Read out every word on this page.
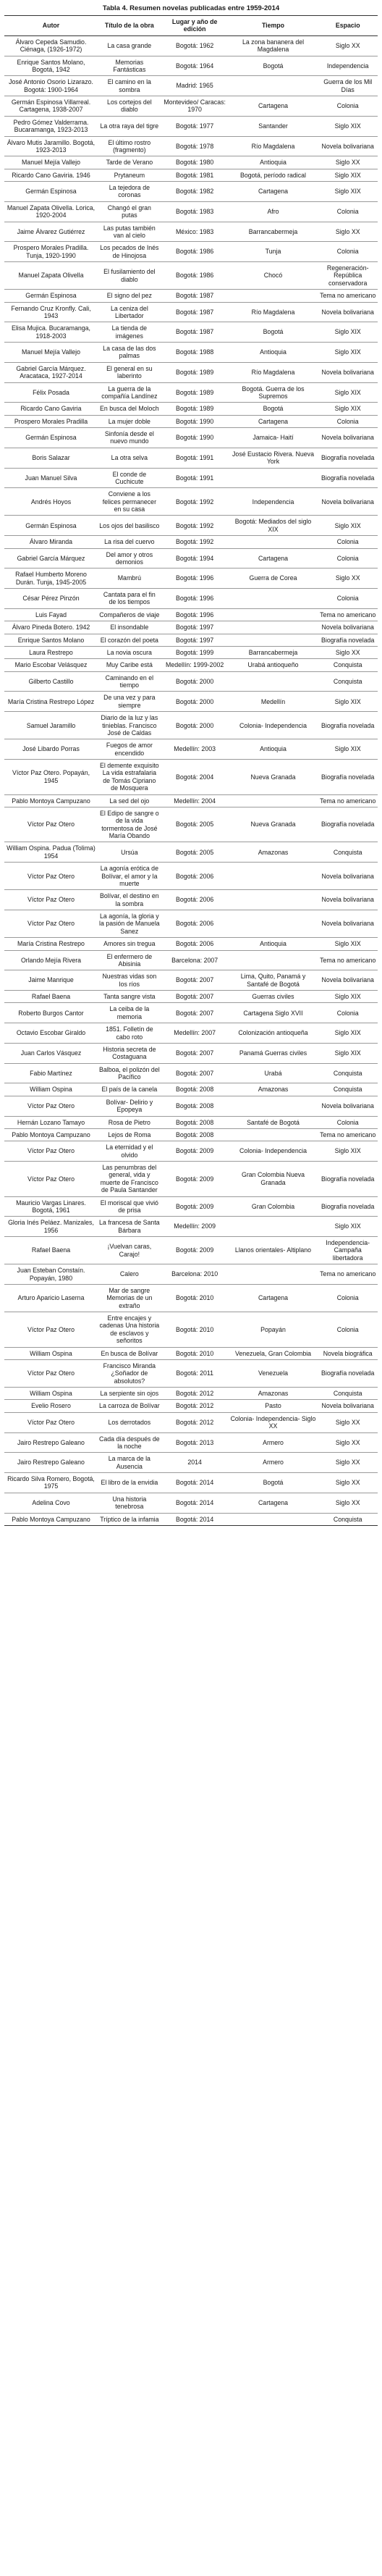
Tabla 4. Resumen novelas publicadas entre 1959-2014
Autor	Título de la obra	Lugar y año de edición	Tiempo	Espacio
Álvaro Cepeda Samudio. Ciénaga, (1926-1972)	La casa grande	Bogotá: 1962	La zona bananera del Magdalena	Siglo XX
Enrique Santos Molano, Bogotá, 1942	Memorias Fantásticas	Bogotá: 1964	Bogotá	Independencia
José Antonio Osorio Lizarazo. Bogotá: 1900-1964	El camino en la sombra	Madrid: 1965		Guerra de los Mil Días
Germán Espinosa Villarreal. Cartagena, 1938-2007	Los cortejos del diablo	Montevideo/ Caracas: 1970	Cartagena	Colonia
Pedro Gómez Valderrama. Bucaramanga, 1923-2013	La otra raya del tigre	Bogotá: 1977	Santander	Siglo XIX
Álvaro Mutis Jaramillo. Bogotá, 1923-2013	El último rostro (fragmento)	Bogotá: 1978	Río Magdalena	Novela bolivariana
Manuel Mejía Vallejo	Tarde de Verano	Bogotá: 1980	Antioquia	Siglo XX
Ricardo Cano Gaviria. 1946	Prytaneum	Bogotá: 1981	Bogotá, período radical	Siglo XIX
Germán Espinosa	La tejedora de coronas	Bogotá: 1982	Cartagena	Siglo XIX
Manuel Zapata Olivella. Lorica, 1920-2004	Changó el gran putas	Bogotá: 1983	Afro	Colonia
Jaime Álvarez Gutiérrez	Las putas también van al cielo	México: 1983	Barrancabermeja	Siglo XX
Prospero Morales Pradilla. Tunja, 1920-1990	Los pecados de Inés de Hinojosa	Bogotá: 1986	Tunja	Colonia
Manuel Zapata Olivella	El fusilamiento del diablo	Bogotá: 1986	Chocó	Regeneración-República conservadora
Germán Espinosa	El signo del pez	Bogotá: 1987		Tema no americano
Fernando Cruz Kronfly. Cali, 1943	La ceniza del Libertador	Bogotá: 1987	Río Magdalena	Novela bolivariana
Elisa Mujica. Bucaramanga, 1918-2003	La tienda de imágenes	Bogotá: 1987	Bogotá	Siglo XIX
Manuel Mejía Vallejo	La casa de las dos palmas	Bogotá: 1988	Antioquia	Siglo XIX
Gabriel García Márquez. Aracataca, 1927-2014	El general en su laberinto	Bogotá: 1989	Río Magdalena	Novela bolivariana
Félix Posada	La guerra de la compañía Landínez	Bogotá: 1989	Bogotá. Guerra de los Supremos	Siglo XIX
Ricardo Cano Gaviria	En busca del Moloch	Bogotá: 1989	Bogotá	Siglo XIX
Prospero Morales Pradilla	La mujer doble	Bogotá: 1990	Cartagena	Colonia
Germán Espinosa	Sinfonía desde el nuevo mundo	Bogotá: 1990	Jamaica- Haití	Novela bolivariana
Boris Salazar	La otra selva	Bogotá: 1991	José Eustacio Rivera. Nueva York	Biografía novelada
Juan Manuel Silva	El conde de Cuchicute	Bogotá: 1991		Biografía novelada
Andrés Hoyos	Conviene a los felices permanecer en su casa	Bogotá: 1992	Independencia	Novela bolivariana
Germán Espinosa	Los ojos del basilisco	Bogotá: 1992	Bogotá: Mediados del siglo XIX	Siglo XIX
Álvaro Miranda	La risa del cuervo	Bogotá: 1992		Colonia
Gabriel García Márquez	Del amor y otros demonios	Bogotá: 1994	Cartagena	Colonia
Rafael Humberto Moreno Durán. Tunja, 1945-2005	Mambrú	Bogotá: 1996	Guerra de Corea	Siglo XX
César Pérez Pinzón	Cantata para el fin de los tiempos	Bogotá: 1996		Colonia
Luis Fayad	Compañeros de viaje	Bogotá: 1996		Tema no americano
Álvaro Pineda Botero. 1942	El insondable	Bogotá: 1997		Novela bolivariana
Enrique Santos Molano	El corazón del poeta	Bogotá: 1997		Biografía novelada
Laura Restrepo	La novia oscura	Bogotá: 1999	Barrancabermeja	Siglo XX
Mario Escobar Velásquez	Muy Caribe está	Medellín: 1999-2002	Urabá antioqueño	Conquista
Gilberto Castillo	Caminando en el tiempo	Bogotá: 2000		Conquista
María Cristina Restrepo López	De una vez y para siempre	Bogotá: 2000	Medellín	Siglo XIX
Samuel Jaramillo	Diario de la luz y las tinieblas. Francisco José de Caldas	Bogotá: 2000	Colonia- Independencia	Biografía novelada
José Libardo Porras	Fuegos de amor encendido	Medellín: 2003	Antioquia	Siglo XIX
Víctor Paz Otero. Popayán, 1945	El demente exquisito La vida estrafalaria de Tomás Cipriano de Mosquera	Bogotá: 2004	Nueva Granada	Biografía novelada
Pablo Montoya Campuzano	La sed del ojo	Medellín: 2004		Tema no americano
Víctor Paz Otero	El Edipo de sangre o de la vida tormentosa de José María Obando	Bogotá: 2005	Nueva Granada	Biografía novelada
William Ospina. Padua (Tolima) 1954	Ursúa	Bogotá: 2005	Amazonas	Conquista
Víctor Paz Otero	La agonía erótica de Bolívar, el amor y la muerte	Bogotá: 2006		Novela bolivariana
Víctor Paz Otero	Bolívar, el destino en la sombra	Bogotá: 2006		Novela bolivariana
Víctor Paz Otero	La agonía, la gloria y la pasión de Manuela Sanez	Bogotá: 2006		Novela bolivariana
María Cristina Restrepo	Amores sin tregua	Bogotá: 2006	Antioquia	Siglo XIX
Orlando Mejía Rivera	El enfermero de Abisinia	Barcelona: 2007		Tema no americano
Jaime Manrique	Nuestras vidas son los ríos	Bogotá: 2007	Lima, Quito, Panamá y Santafé de Bogotá	Novela bolivariana
Rafael Baena	Tanta sangre vista	Bogotá: 2007	Guerras civiles	Siglo XIX
Roberto Burgos Cantor	La ceiba de la memoria	Bogotá: 2007	Cartagena Siglo XVII	Colonia
Octavio Escobar Giraldo	1851. Folletín de cabo roto	Medellín: 2007	Colonización antioqueña	Siglo XIX
Juan Carlos Vásquez	Historia secreta de Costaguana	Bogotá: 2007	Panamá Guerras civiles	Siglo XIX
Fabio Martínez	Balboa, el polizón del Pacífico	Bogotá: 2007	Urabá	Conquista
William Ospina	El país de la canela	Bogotá: 2008	Amazonas	Conquista
Víctor Paz Otero	Bolívar- Delirio y Epopeya	Bogotá: 2008		Novela bolivariana
Hernán Lozano Tamayo	Rosa de Pietro	Bogotá: 2008	Santafé de Bogotá	Colonia
Pablo Montoya Campuzano	Lejos de Roma	Bogotá: 2008		Tema no americano
Víctor Paz Otero	La eternidad y el olvido	Bogotá: 2009	Colonia- Independencia	Siglo XIX
Víctor Paz Otero	Las penumbras del general, vida y muerte de Francisco de Paula Santander	Bogotá: 2009	Gran Colombia Nueva Granada	Biografía novelada
Mauricio Vargas Linares. Bogotá, 1961	El moriscal que vivió de prisa	Bogotá: 2009	Gran Colombia	Biografía novelada
Gloria Inés Peláez. Manizales, 1956	La francesa de Santa Bárbara	Medellín: 2009		Siglo XIX
Rafael Baena	¡Vuelvan caras, Carajo!	Bogotá: 2009	Llanos orientales- Altiplano	Independencia- Campaña libertadora
Juan Esteban Constaín. Popayán, 1980	Calero	Barcelona: 2010		Tema no americano
Arturo Aparicio Laserna	Mar de sangre Memorias de un extraño	Bogotá: 2010	Cartagena	Colonia
Víctor Paz Otero	Entre encajes y cadenas Una historia de esclavos y señoritos	Bogotá: 2010	Popayán	Colonia
William Ospina	En busca de Bolívar	Bogotá: 2010	Venezuela, Gran Colombia	Novela biográfica
Víctor Paz Otero	Francisco Miranda ¿Soñador de absolutos?	Bogotá: 2011	Venezuela	Biografía novelada
William Ospina	La serpiente sin ojos	Bogotá: 2012	Amazonas	Conquista
Evelio Rosero	La carroza de Bolívar	Bogotá: 2012	Pasto	Novela bolivariana
Víctor Paz Otero	Los derrotados	Bogotá: 2012	Colonia- Independencia- Siglo XX	Siglo XX
Jairo Restrepo Galeano	Cada día después de la noche	Bogotá: 2013	Armero	Siglo XX
Jairo Restrepo Galeano	La marca de la Ausencia	2014	Armero	Siglo XX
Ricardo Silva Romero, Bogotá, 1975	El libro de la envidia	Bogotá: 2014	Bogotá	Siglo XX
Adelina Covo	Una historia tenebrosa	Bogotá: 2014	Cartagena	Siglo XX
Pablo Montoya Campuzano	Tríptico de la infamia	Bogotá: 2014		Conquista
